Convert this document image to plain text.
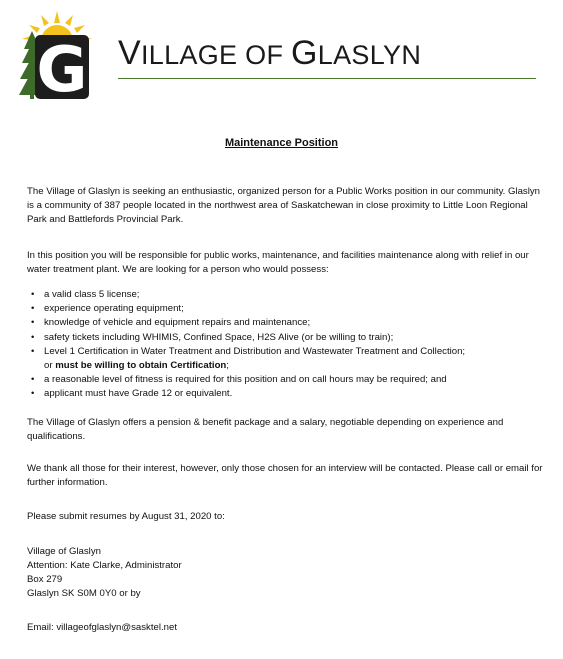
G VILLAGE OF GLASLYN
Maintenance Position

The Village of Glaslyn is seeking an enthusiastic, organized person for a Public Works position in our community. Glaslyn is a community of 387 people located in the northwest area of Saskatchewan in close proximity to Little Loon Regional Park and Battlefords Provincial Park.

In this position you will be responsible for public works, maintenance, and facilities maintenance along with relief in our water treatment plant. We are looking for a person who would possess:

• a valid class 5 license;
• experience operating equipment;
• knowledge of vehicle and equipment repairs and maintenance;
• safety tickets including WHIMIS, Confined Space, H2S Alive (or be willing to train);
• Level 1 Certification in Water Treatment and Distribution and Wastewater Treatment and Collection;
or must be willing to obtain Certification;
• a reasonable level of fitness is required for this position and on call hours may be required; and
• applicant must have Grade 12 or equivalent.

The Village of Glaslyn offers a pension & benefit package and a salary, negotiable depending on experience and qualifications.

We thank all those for their interest, however, only those chosen for an interview will be contacted. Please call or email for further information.

Please submit resumes by August 31, 2020 to:

Village of Glaslyn
Attention: Kate Clarke, Administrator
Box 279
Glaslyn SK S0M 0Y0 or by
Email: villageofglaslyn@sasktel.net
